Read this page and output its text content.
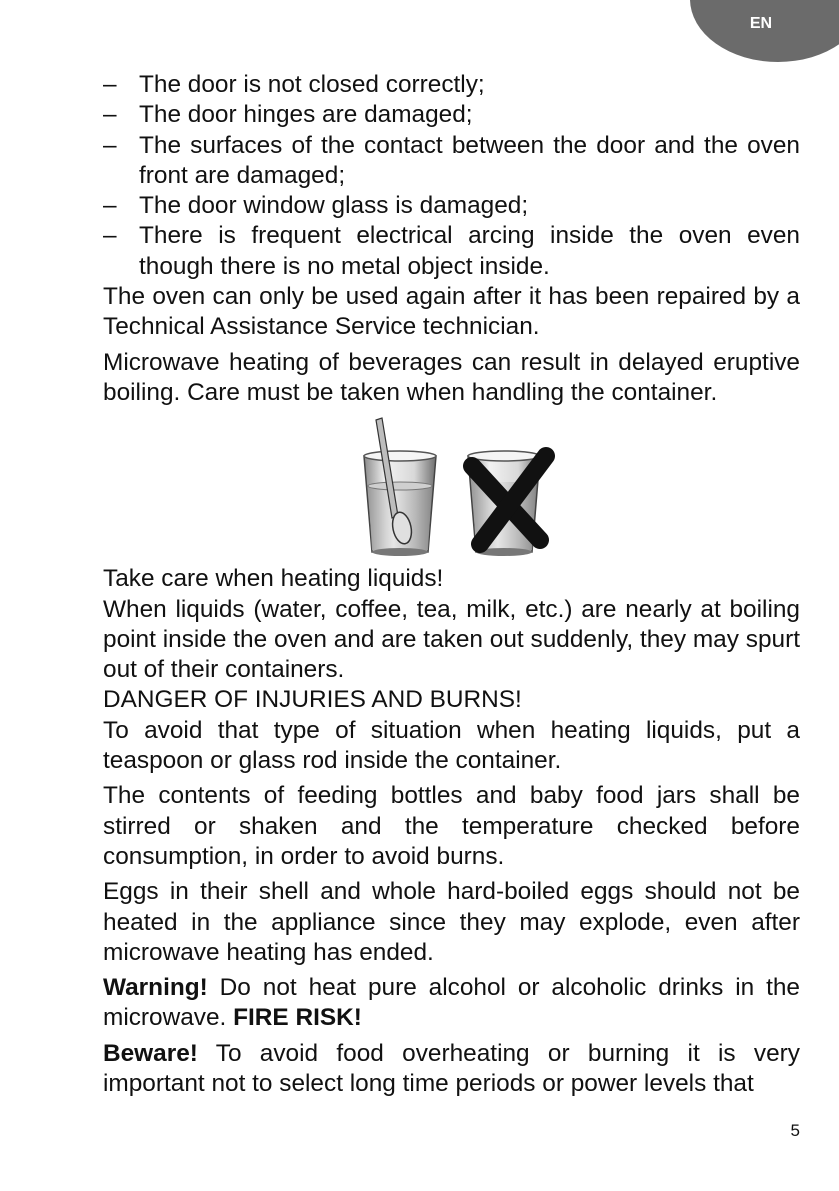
EN
– The door is not closed correctly;
– The door hinges are damaged;
– The surfaces of the contact between the door and the oven front are damaged;
– The door window glass is damaged;
– There is frequent electrical arcing inside the oven even though there is no metal object inside.

The oven can only be used again after it has been repaired by a Technical Assistance Service technician.

Microwave heating of beverages can result in delayed eruptive boiling. Care must be taken when handling the container.

Take care when heating liquids!

When liquids (water, coffee, tea, milk, etc.) are nearly at boiling point inside the oven and are taken out suddenly, they may spurt out of their containers.

DANGER OF INJURIES AND BURNS!

To avoid that type of situation when heating liquids, put a teaspoon or glass rod inside the container.

The contents of feeding bottles and baby food jars shall be stirred or shaken and the temperature checked before consumption, in order to avoid burns.

Eggs in their shell and whole hard-boiled eggs should not be heated in the appliance since they may explode, even after microwave heating has ended.

Warning! Do not heat pure alcohol or alcoholic drinks in the microwave. FIRE RISK!

Beware! To avoid food overheating or burning it is very important not to select long time periods or power levels that

5
